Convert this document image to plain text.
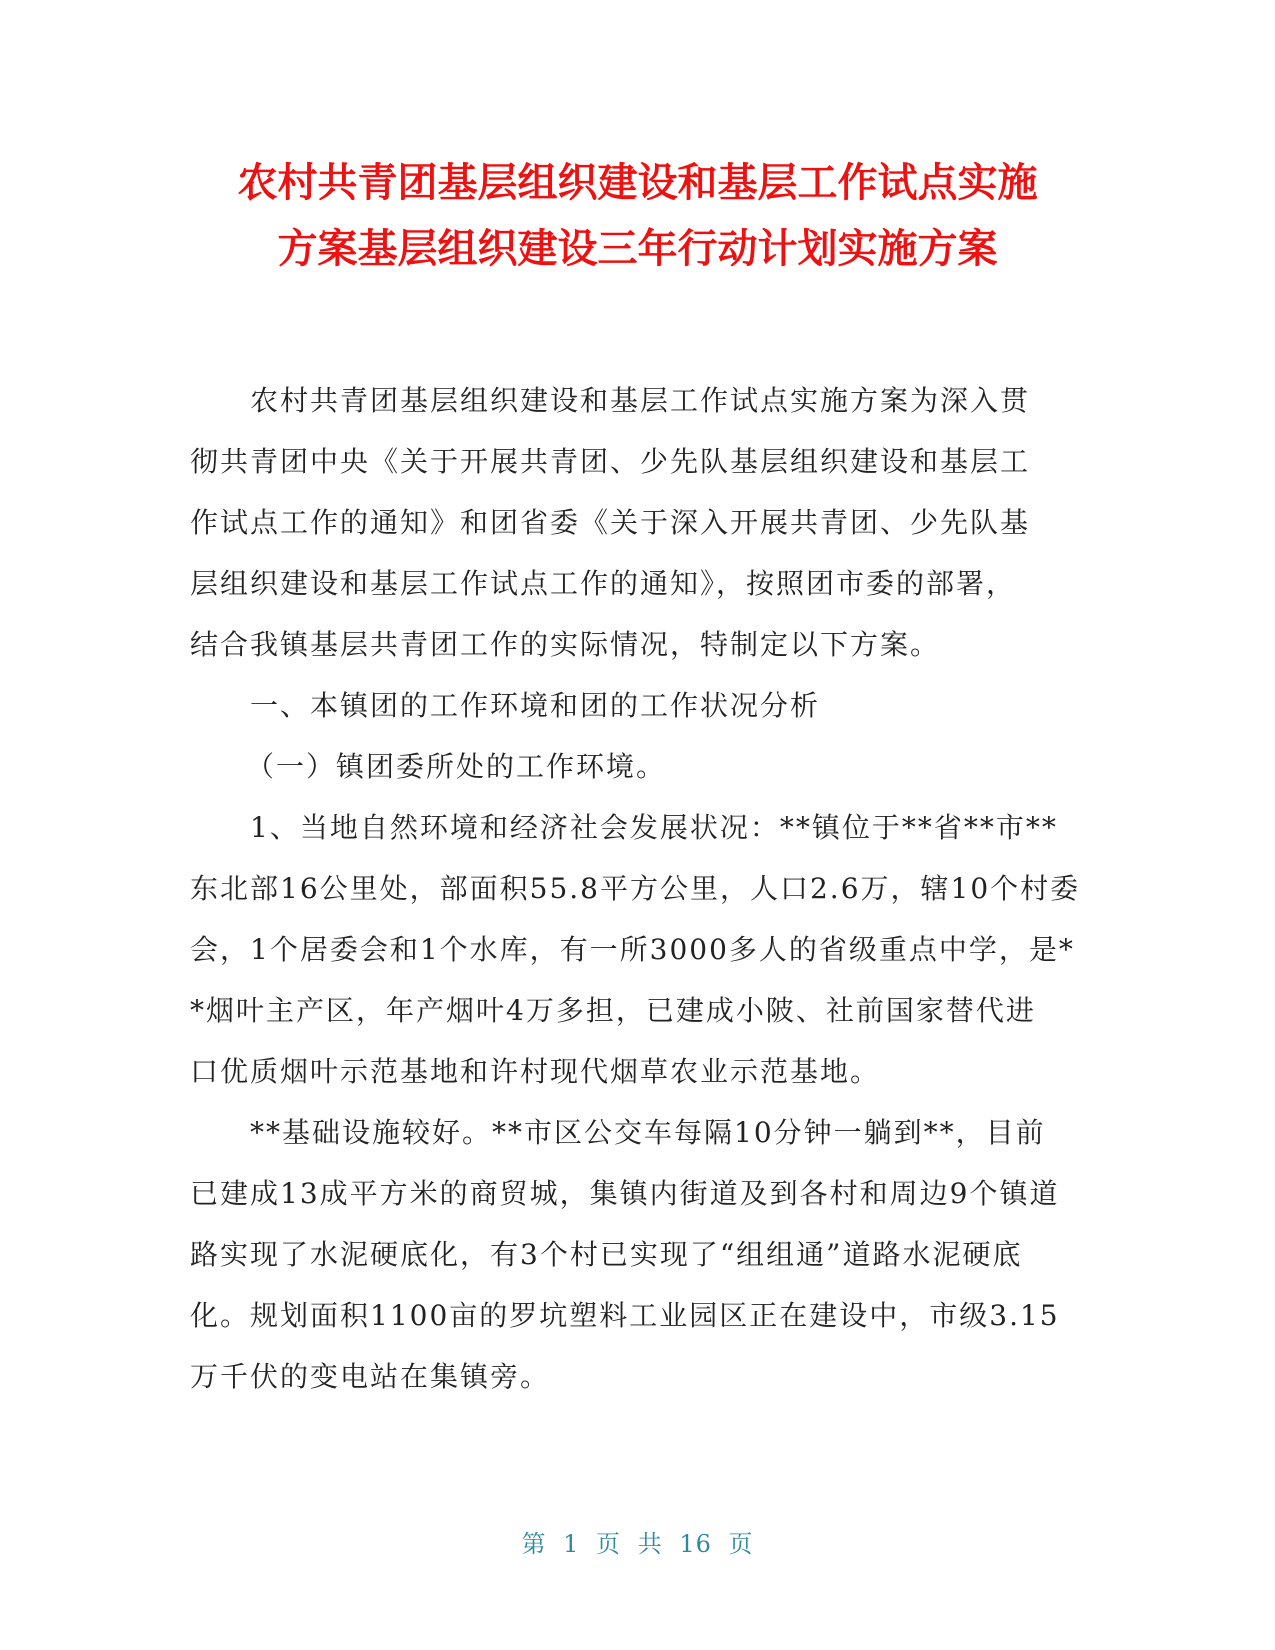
农村共青团基层组织建设和基层工作试点实施
方案基层组织建设三年行动计划实施方案
农村共青团基层组织建设和基层工作试点实施方案为深入贯
彻共青团中央《关于开展共青团、少先队基层组织建设和基层工
作试点工作的通知》和团省委《关于深入开展共青团、少先队基
层组织建设和基层工作试点工作的通知》，按照团市委的部署，
结合我镇基层共青团工作的实际情况，特制定以下方案。
一、本镇团的工作环境和团的工作状况分析
（一）镇团委所处的工作环境。
1、当地自然环境和经济社会发展状况：**镇位于**省**市**
东北部16公里处，部面积55.8平方公里，人口2.6万，辖10个村委
会，1个居委会和1个水库，有一所3000多人的省级重点中学，是*
*烟叶主产区，年产烟叶4万多担，已建成小陂、社前国家替代进
口优质烟叶示范基地和许村现代烟草农业示范基地。
**基础设施较好。**市区公交车每隔10分钟一躺到**，目前
已建成13成平方米的商贸城，集镇内街道及到各村和周边9个镇道
路实现了水泥硬底化，有3个村已实现了“组组通”道路水泥硬底
化。规划面积1100亩的罗坑塑料工业园区正在建设中，市级3.15
万千伏的变电站在集镇旁。
第 1 页 共 16 页
